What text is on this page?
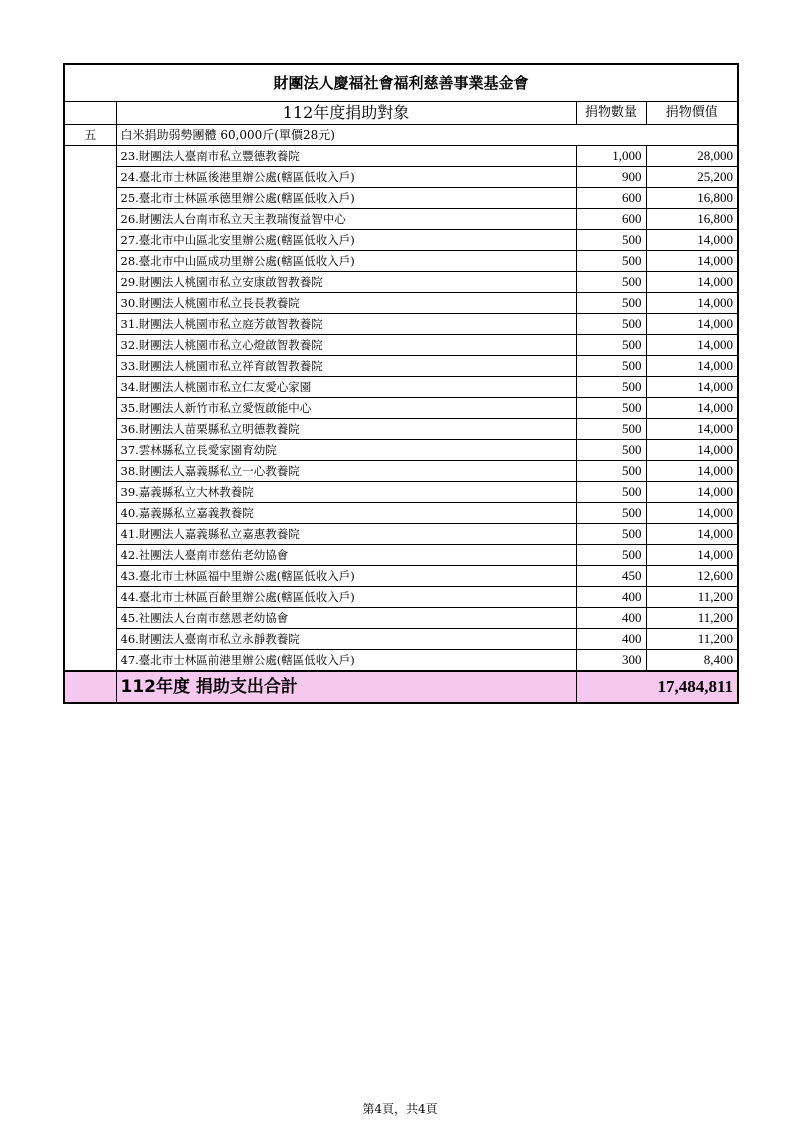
財團法人慶福社會福利慈善事業基金會			
	112年度捐助對象	捐物數量	捐物價值
五	白米捐助弱勢團體 60,000斤(單價28元)		
	23.財團法人臺南市私立豐德教養院	1,000	28,000
	24.臺北市士林區後港里辦公處(轄區低收入戶)	900	25,200
	25.臺北市士林區承德里辦公處(轄區低收入戶)	600	16,800
	26.財團法人台南市私立天主教瑞復益智中心	600	16,800
	27.臺北市中山區北安里辦公處(轄區低收入戶)	500	14,000
	28.臺北市中山區成功里辦公處(轄區低收入戶)	500	14,000
	29.財團法人桃園市私立安康啟智教養院	500	14,000
	30.財團法人桃園市私立長長教養院	500	14,000
	31.財團法人桃園市私立庭芳啟智教養院	500	14,000
	32.財團法人桃園市私立心燈啟智教養院	500	14,000
	33.財團法人桃園市私立祥育啟智教養院	500	14,000
	34.財團法人桃園市私立仁友愛心家園	500	14,000
	35.財團法人新竹市私立愛恆啟能中心	500	14,000
	36.財團法人苗栗縣私立明德教養院	500	14,000
	37.雲林縣私立長愛家園育幼院	500	14,000
	38.財團法人嘉義縣私立一心教養院	500	14,000
	39.嘉義縣私立大林教養院	500	14,000
	40.嘉義縣私立嘉義教養院	500	14,000
	41.財團法人嘉義縣私立嘉惠教養院	500	14,000
	42.社團法人臺南市慈佑老幼協會	500	14,000
	43.臺北市士林區福中里辦公處(轄區低收入戶)	450	12,600
	44.臺北市士林區百齡里辦公處(轄區低收入戶)	400	11,200
	45.社團法人台南市慈恩老幼協會	400	11,200
	46.財團法人臺南市私立永靜教養院	400	11,200
	47.臺北市士林區前港里辦公處(轄區低收入戶)	300	8,400
	112年度 捐助支出合計	17,484,811	
第4頁，共4頁
